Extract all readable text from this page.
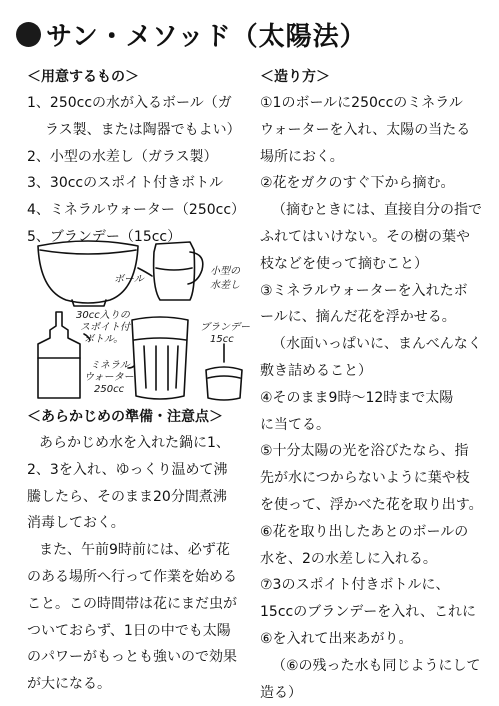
サン・メソッド（太陽法）
＜用意するもの＞
1、250ccの水が入るボール（ガ
ラス製、または陶器でもよい）
2、小型の水差し（ガラス製）
3、30ccのスポイト付きボトル
4、ミネラルウォーター（250cc）
5、ブランデー（15cc）
ボール
小型の
水差し
30cc入りの
スポイト付
ボトル。
ミネラル
ウォーター
250cc
ブランデー
15cc
＜あらかじめの準備・注意点＞
あらかじめ水を入れた鍋に1、
2、3を入れ、ゆっくり温めて沸
騰したら、そのまま20分間煮沸
消毒しておく。
また、午前9時前には、必ず花
のある場所へ行って作業を始める
こと。この時間帯は花にまだ虫が
ついておらず、1日の中でも太陽
のパワーがもっとも強いので効果
が大になる。
＜造り方＞
①1のボールに250ccのミネラル
ウォーターを入れ、太陽の当たる
場所におく。
②花をガクのすぐ下から摘む。
（摘むときには、直接自分の指で
ふれてはいけない。その樹の葉や
枝などを使って摘むこと）
③ミネラルウォーターを入れたボ
ールに、摘んだ花を浮かせる。
（水面いっぱいに、まんべんなく
敷き詰めること）
④そのまま9時〜12時まで太陽
に当てる。
⑤十分太陽の光を浴びたなら、指
先が水につからないように葉や枝
を使って、浮かべた花を取り出す。
⑥花を取り出したあとのボールの
水を、2の水差しに入れる。
⑦3のスポイト付きボトルに、
15ccのブランデーを入れ、これに
⑥を入れて出来あがり。
（⑥の残った水も同じようにして
造る）
